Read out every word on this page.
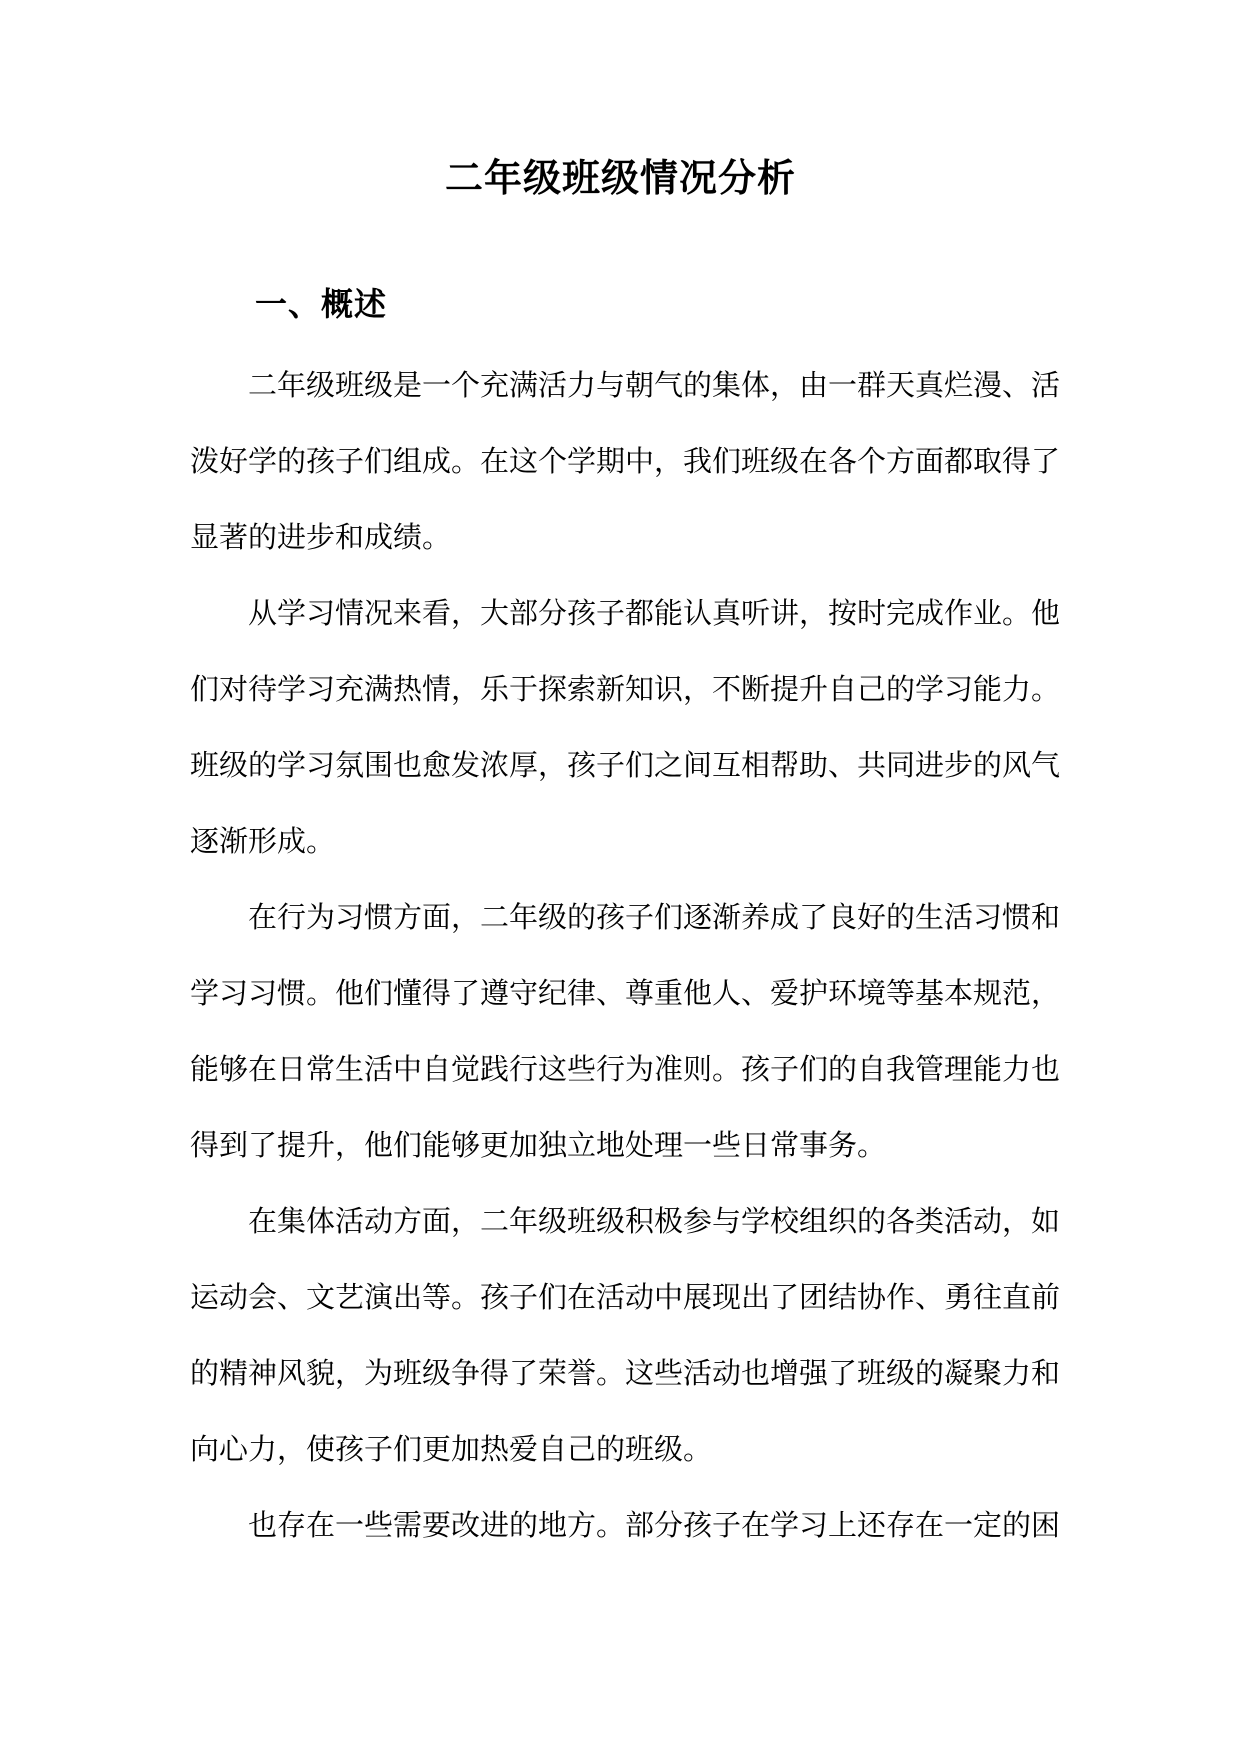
二年级班级情况分析
一、概述
二年级班级是一个充满活力与朝气的集体，由一群天真烂漫、活
泼好学的孩子们组成。在这个学期中，我们班级在各个方面都取得了
显著的进步和成绩。
从学习情况来看，大部分孩子都能认真听讲，按时完成作业。他
们对待学习充满热情，乐于探索新知识，不断提升自己的学习能力。
班级的学习氛围也愈发浓厚，孩子们之间互相帮助、共同进步的风气
逐渐形成。
在行为习惯方面，二年级的孩子们逐渐养成了良好的生活习惯和
学习习惯。他们懂得了遵守纪律、尊重他人、爱护环境等基本规范，
能够在日常生活中自觉践行这些行为准则。孩子们的自我管理能力也
得到了提升，他们能够更加独立地处理一些日常事务。
在集体活动方面，二年级班级积极参与学校组织的各类活动，如
运动会、文艺演出等。孩子们在活动中展现出了团结协作、勇往直前
的精神风貌，为班级争得了荣誉。这些活动也增强了班级的凝聚力和
向心力，使孩子们更加热爱自己的班级。
也存在一些需要改进的地方。部分孩子在学习上还存在一定的困
